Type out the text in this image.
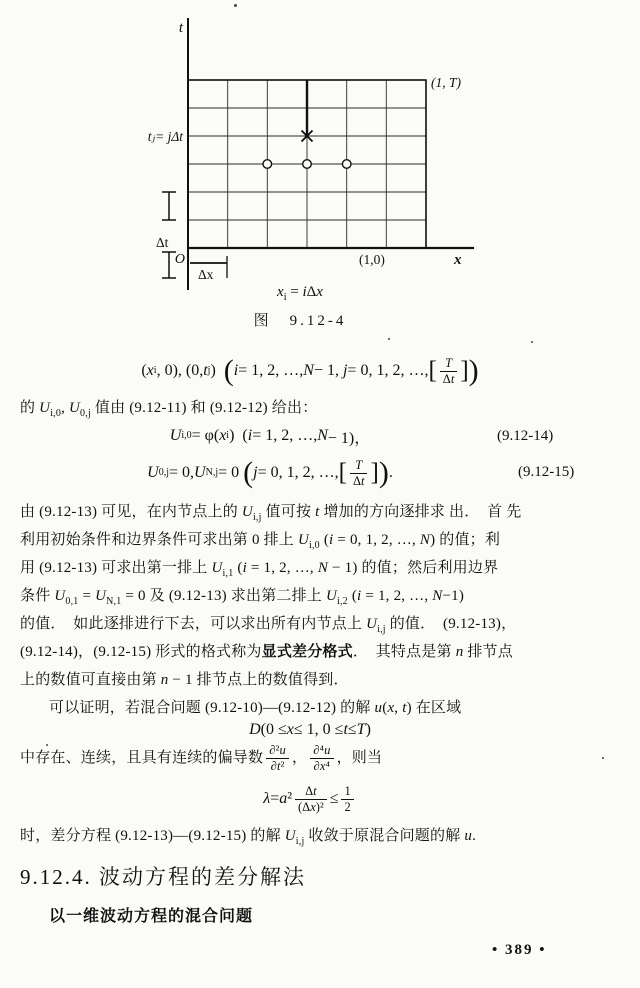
t
x
(1, T)
(1,0)
tⱼ= jΔt
Δt
O
Δx
$x_i = i\Delta x$
图　9.12-4
( x i , 0), (0, t j ) ( i = 1, 2, …, N − 1, j = 0, 1, 2, …, [ $\frac{T}{\Delta t}$ ] )
的 $U_{i,0}$, $U_{0,j}$ 值由 (9.12-11) 和 (9.12-12) 给出：
U i,0 = φ( x i )  ( i = 1, 2, …, N − 1)，	(9.12-14)
U 0,j = 0, U N,j = 0 ( j = 0, 1, 2, …, [ $\frac{T}{\Delta t}$ ] ) .	(9.12-15)
由 (9.12-13) 可见，在内节点上的 $U_{i,j}$ 值可按 t 增加的方向逐排求 出．　首 先
利用初始条件和边界条件可求出第 0 排上 $U_{i,0}$ (i = 0, 1, 2, …, N) 的值；利
用 (9.12-13) 可求出第一排上 $U_{i,1}$ (i = 1, 2, …, N − 1) 的值；然后利用边界
条件 $U_{0,1} = U_{N,1} = 0$ 及 (9.12-13) 求出第二排上 $U_{i,2}$ (i = 1, 2, …, N−1)
的值．　如此逐排进行下去，可以求出所有内节点上 $U_{i,j}$ 的值．　(9.12-13)，
(9.12-14)，(9.12-15) 形式的格式称为显式差分格式．　其特点是第 n 排节点
上的数值可直接由第 n − 1 排节点上的数值得到．
可以证明，若混合问题 (9.12-10)—(9.12-12) 的解 u(x, t) 在区域
D (0 ≤ x ≤ 1, 0 ≤ t ≤ T )
中存在、连续，且具有连续的偏导数 $\frac{\text{∂²u}}{\text{∂t²}}$ ， $\frac{\text{∂⁴u}}{\text{∂x⁴}}$ ，则当
λ = a $^2 \frac{\Delta t}{\text{(Δx)²}} \le \frac{1}{2}$
时，差分方程 (9.12-13)—(9.12-15) 的解 $U_{i,j}$ 收敛于原混合问题的解 u.
9.12.4. 波动方程的差分解法
以一维波动方程的混合问题
• 389 •
